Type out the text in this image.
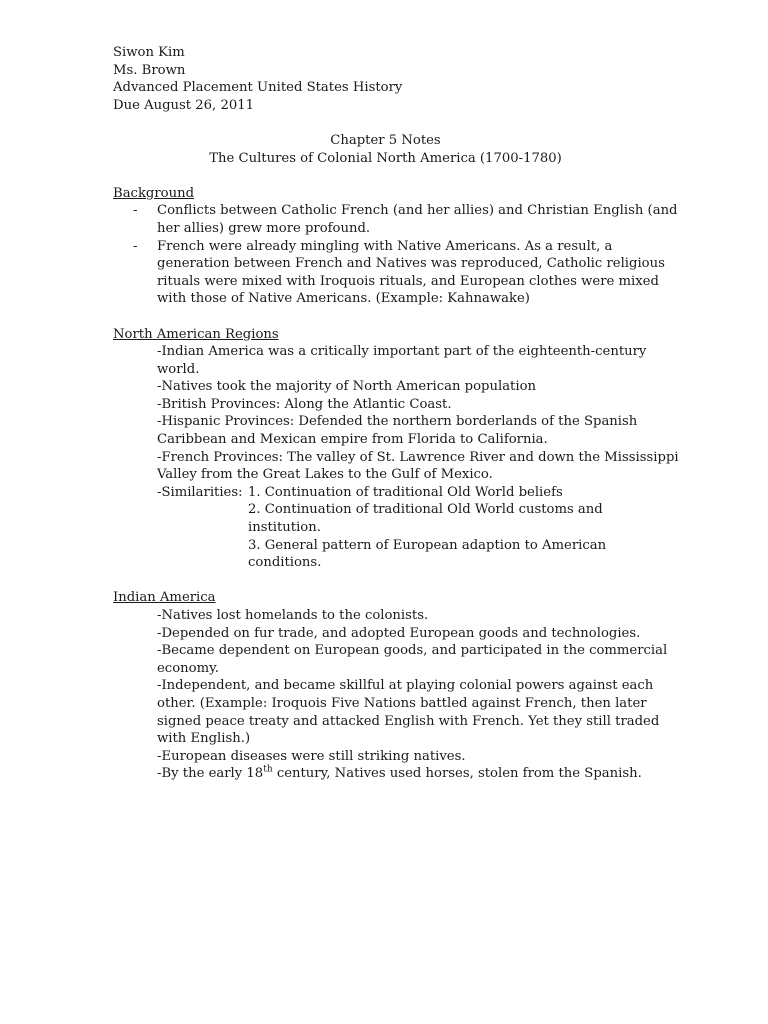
Siwon Kim
Ms. Brown
Advanced Placement United States History
Due August 26, 2011
Chapter 5 Notes
The Cultures of Colonial North America (1700-1780)
Background
- Conflicts between Catholic French (and her allies) and Christian English (and
her allies) grew more profound.
- French were already mingling with Native Americans. As a result, a
generation between French and Natives was reproduced, Catholic religious
rituals were mixed with Iroquois rituals, and European clothes were mixed
with those of Native Americans. (Example: Kahnawake)
North American Regions
-Indian America was a critically important part of the eighteenth-century
world.
-Natives took the majority of North American population
-British Provinces: Along the Atlantic Coast.
-Hispanic Provinces: Defended the northern borderlands of the Spanish
Caribbean and Mexican empire from Florida to California.
-French Provinces: The valley of St. Lawrence River and down the Mississippi
Valley from the Great Lakes to the Gulf of Mexico.
-Similarities: 1. Continuation of traditional Old World beliefs
2. Continuation of traditional Old World customs and
institution.
3. General pattern of European adaption to American
conditions.
Indian America
-Natives lost homelands to the colonists.
-Depended on fur trade, and adopted European goods and technologies.
-Became dependent on European goods, and participated in the commercial
economy.
-Independent, and became skillful at playing colonial powers against each
other. (Example: Iroquois Five Nations battled against French, then later
signed peace treaty and attacked English with French. Yet they still traded
with English.)
-European diseases were still striking natives.
-By the early 18th century, Natives used horses, stolen from the Spanish.
